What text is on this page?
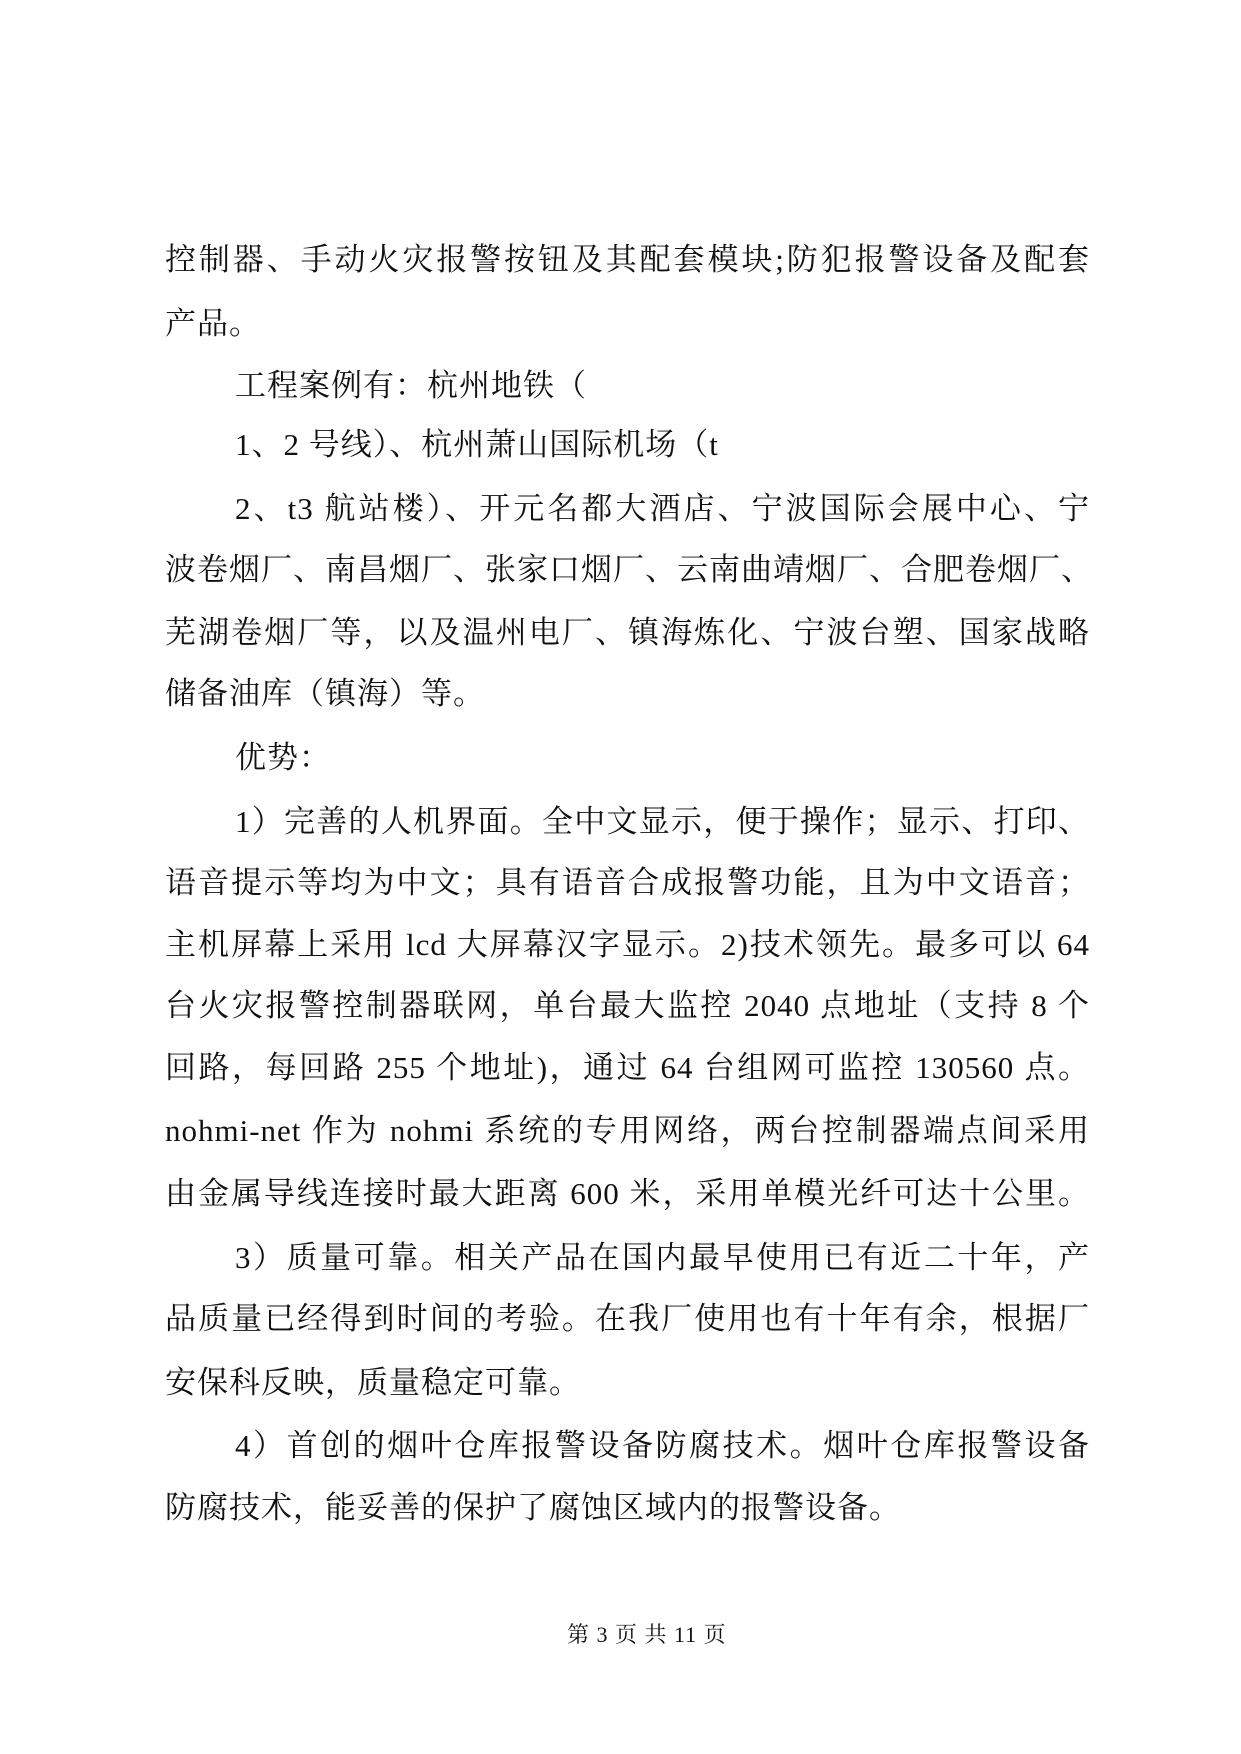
控制器、手动火灾报警按钮及其配套模块;防犯报警设备及配套
产品。
工程案例有：杭州地铁（
1、2 号线）、杭州萧山国际机场（t
2、t3 航站楼）、开元名都大酒店、宁波国际会展中心、宁
波卷烟厂、南昌烟厂、张家口烟厂、云南曲靖烟厂、合肥卷烟厂、
芜湖卷烟厂等，以及温州电厂、镇海炼化、宁波台塑、国家战略
储备油库（镇海）等。
优势：
1）完善的人机界面。全中文显示，便于操作；显示、打印、
语音提示等均为中文；具有语音合成报警功能，且为中文语音；
主机屏幕上采用 lcd 大屏幕汉字显示。2)技术领先。最多可以 64
台火灾报警控制器联网，单台最大监控 2040 点地址（支持 8 个
回路，每回路 255 个地址)，通过 64 台组网可监控 130560 点。
nohmi-net 作为 nohmi 系统的专用网络，两台控制器端点间采用
由金属导线连接时最大距离 600 米，采用单模光纤可达十公里。
3）质量可靠。相关产品在国内最早使用已有近二十年，产
品质量已经得到时间的考验。在我厂使用也有十年有余，根据厂
安保科反映，质量稳定可靠。
4）首创的烟叶仓库报警设备防腐技术。烟叶仓库报警设备
防腐技术，能妥善的保护了腐蚀区域内的报警设备。
第 3 页 共 11 页
